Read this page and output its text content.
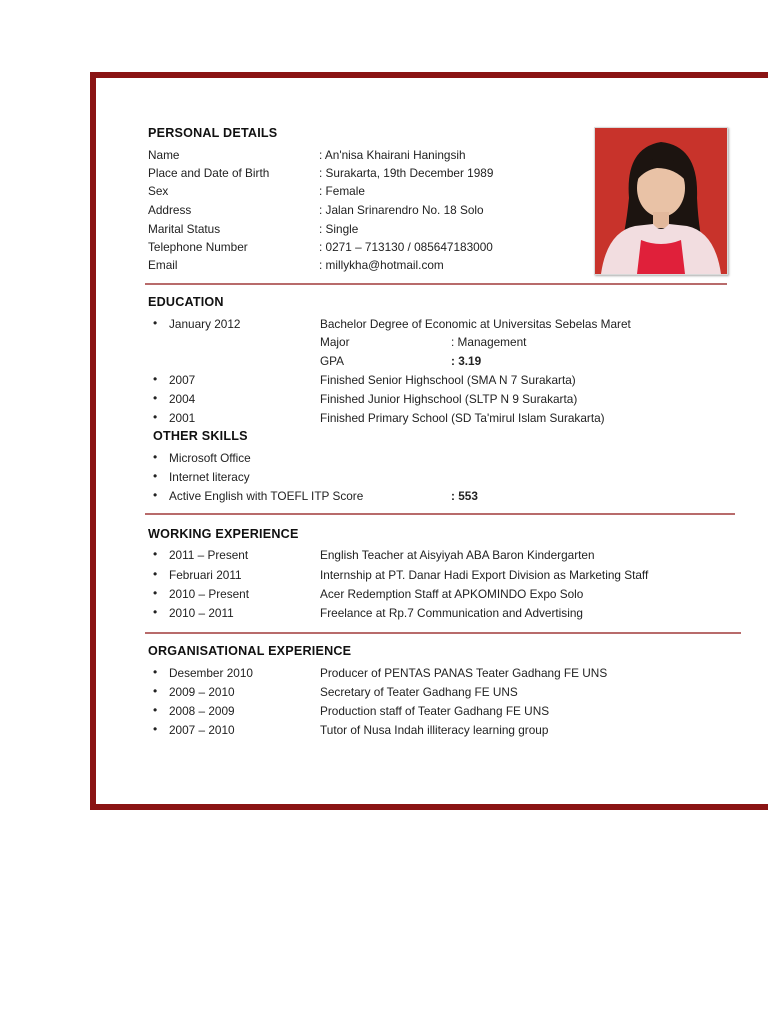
PERSONAL DETAILS
Name	: An'nisa Khairani Haningsih
Place and Date of Birth	: Surakarta, 19th December 1989
Sex	: Female
Address	: Jalan Srinarendro No. 18 Solo
Marital Status	: Single
Telephone Number	: 0271 – 713130 / 085647183000
Email	: millykha@hotmail.com
EDUCATION
• January 2012	Bachelor Degree of Economic at Universitas Sebelas Maret
Major	: Management
GPA	: 3.19
• 2007	Finished Senior Highschool (SMA N 7 Surakarta)
• 2004	Finished Junior Highschool (SLTP N 9 Surakarta)
• 2001	Finished Primary School (SD Ta'mirul Islam Surakarta)
OTHER SKILLS
• Microsoft Office
• Internet literacy
• Active English with TOEFL ITP Score	: 553
WORKING EXPERIENCE
• 2011 – Present	English Teacher at Aisyiyah ABA Baron Kindergarten
• Februari 2011	Internship at PT. Danar Hadi Export Division as Marketing Staff
• 2010 – Present	Acer Redemption Staff at APKOMINDO Expo Solo
• 2010 – 2011	Freelance at Rp.7 Communication and Advertising
ORGANISATIONAL EXPERIENCE
• Desember 2010	Producer of PENTAS PANAS Teater Gadhang FE UNS
• 2009 – 2010	Secretary of Teater Gadhang FE UNS
• 2008 – 2009	Production staff of Teater Gadhang FE UNS
• 2007 – 2010	Tutor of Nusa Indah illiteracy learning group
